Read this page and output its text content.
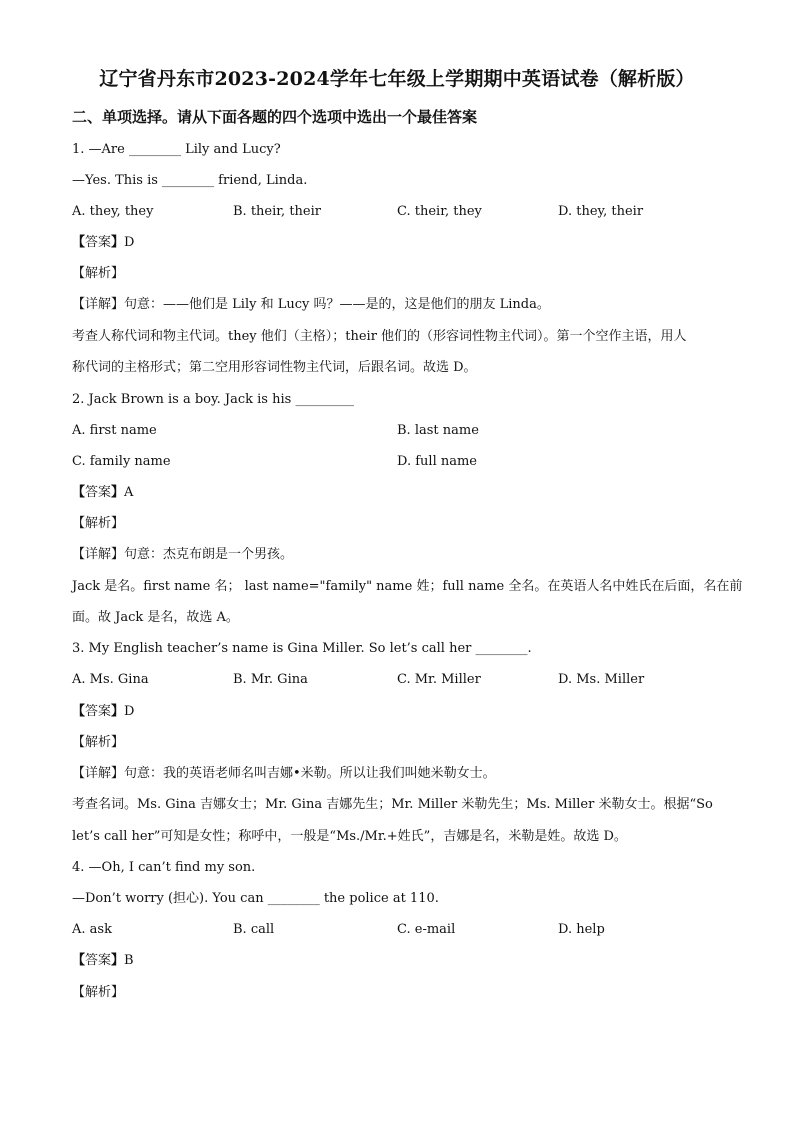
辽宁省丹东市2023-2024学年七年级上学期期中英语试卷（解析版）
二、单项选择。请从下面各题的四个选项中选出一个最佳答案
1. —Are ________ Lily and Lucy?
—Yes. This is ________ friend, Linda.
A. they, they	B. their, their	C. their, they	D. they, their
【答案】D
【解析】
【详解】句意：——他们是 Lily 和 Lucy 吗？——是的，这是他们的朋友 Linda。
考查人称代词和物主代词。they 他们（主格）；their 他们的（形容词性物主代词）。第一个空作主语，用人
称代词的主格形式；第二空用形容词性物主代词，后跟名词。故选 D。
2. Jack Brown is a boy. Jack is his _________
A. first name	B. last name
C. family name	D. full name
【答案】A
【解析】
【详解】句意：杰克布朗是一个男孩。
Jack 是名。first name 名； last name="family" name 姓；full name 全名。在英语人名中姓氏在后面，名在前
面。故 Jack 是名，故选 A。
3. My English teacher’s name is Gina Miller. So let’s call her ________.
A. Ms. Gina	B. Mr. Gina	C. Mr. Miller	D. Ms. Miller
【答案】D
【解析】
【详解】句意：我的英语老师名叫吉娜•米勒。所以让我们叫她米勒女士。
考查名词。Ms. Gina 吉娜女士；Mr. Gina 吉娜先生；Mr. Miller 米勒先生；Ms. Miller 米勒女士。根据“So
let’s call her”可知是女性；称呼中，一般是“Ms./Mr.+姓氏”，吉娜是名，米勒是姓。故选 D。
4. —Oh, I can’t find my son.
—Don’t worry (担心). You can ________ the police at 110.
A. ask	B. call	C. e-mail	D. help
【答案】B
【解析】
